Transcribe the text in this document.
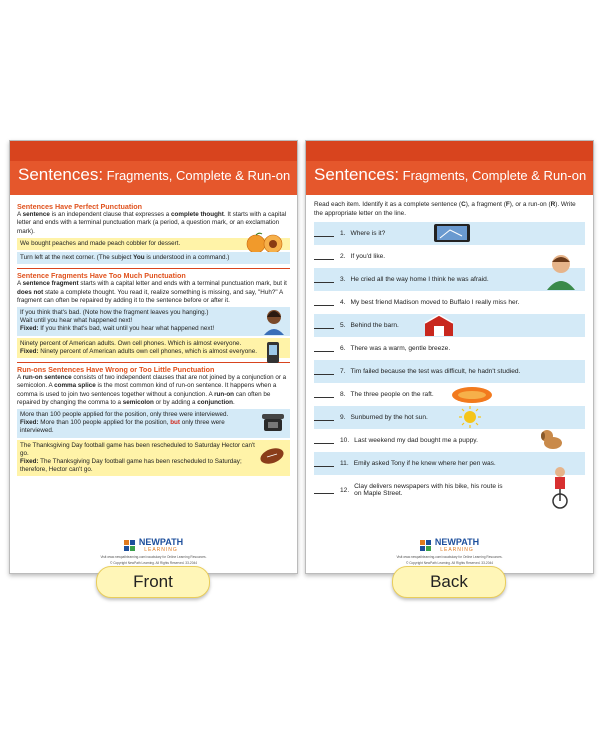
Sentences: Fragments, Complete & Run-on
Sentences Have Perfect Punctuation
A sentence is an independent clause that expresses a complete thought. It starts with a capital letter and ends with a terminal punctuation mark (a period, a question mark, or an exclamation mark).
We bought peaches and made peach cobbler for dessert.
Turn left at the next corner. (The subject You is understood in a command.)
Sentence Fragments Have Too Much Punctuation
A sentence fragment starts with a capital letter and ends with a terminal punctuation mark, but it does not state a complete thought. You read it, realize something is missing, and say, "Huh?" A fragment can often be repaired by adding it to the sentence before or after it.
If you think that's bad. (Note how the fragment leaves you hanging.)
Wait until you hear what happened next!
Fixed: If you think that's bad, wait until you hear what happened next!
Ninety percent of American adults. Own cell phones. Which is almost everyone.
Fixed: Ninety percent of American adults own cell phones, which is almost everyone.
Run-ons Sentences Have Wrong or Too Little Punctuation
A run-on sentence consists of two independent clauses that are not joined by a conjunction or a semicolon. A comma splice is the most common kind of run-on sentence. It happens when a comma is used to join two sentences together without a conjunction. A run-on can often be repaired by changing the comma to a semicolon or by adding a conjunction.
More than 100 people applied for the position, only three were interviewed.
Fixed: More than 100 people applied for the position, but only three were interviewed.
The Thanksgiving Day football game has been rescheduled to Saturday Hector can't go.
Fixed: The Thanksgiving Day football game has been rescheduled to Saturday; therefore, Hector can't go.
NEWPATH
LEARNING
Visit www.newpathlearning.com/vocabulary for Online Learning Resources.
© Copyright NewPath Learning. All Rights Reserved. 33-2044
Sentences: Fragments, Complete & Run-on
Read each item. Identify it as a complete sentence (C), a fragment (F), or a run-on (R). Write the appropriate letter on the line.
1. Where is it?
2. If you'd like.
3. He cried all the way home I think he was afraid.
4. My best friend Madison moved to Buffalo I really miss her.
5. Behind the barn.
6. There was a warm, gentle breeze.
7. Tim failed because the test was difficult, he hadn't studied.
8. The three people on the raft.
9. Sunburned by the hot sun.
10. Last weekend my dad bought me a puppy.
11. Emily asked Tony if he knew where her pen was.
12. Clay delivers newspapers with his bike, his route is on Maple Street.
NEWPATH
LEARNING
Visit www.newpathlearning.com/vocabulary for Online Learning Resources.
© Copyright NewPath Learning. All Rights Reserved. 33-2044
Front	Back
